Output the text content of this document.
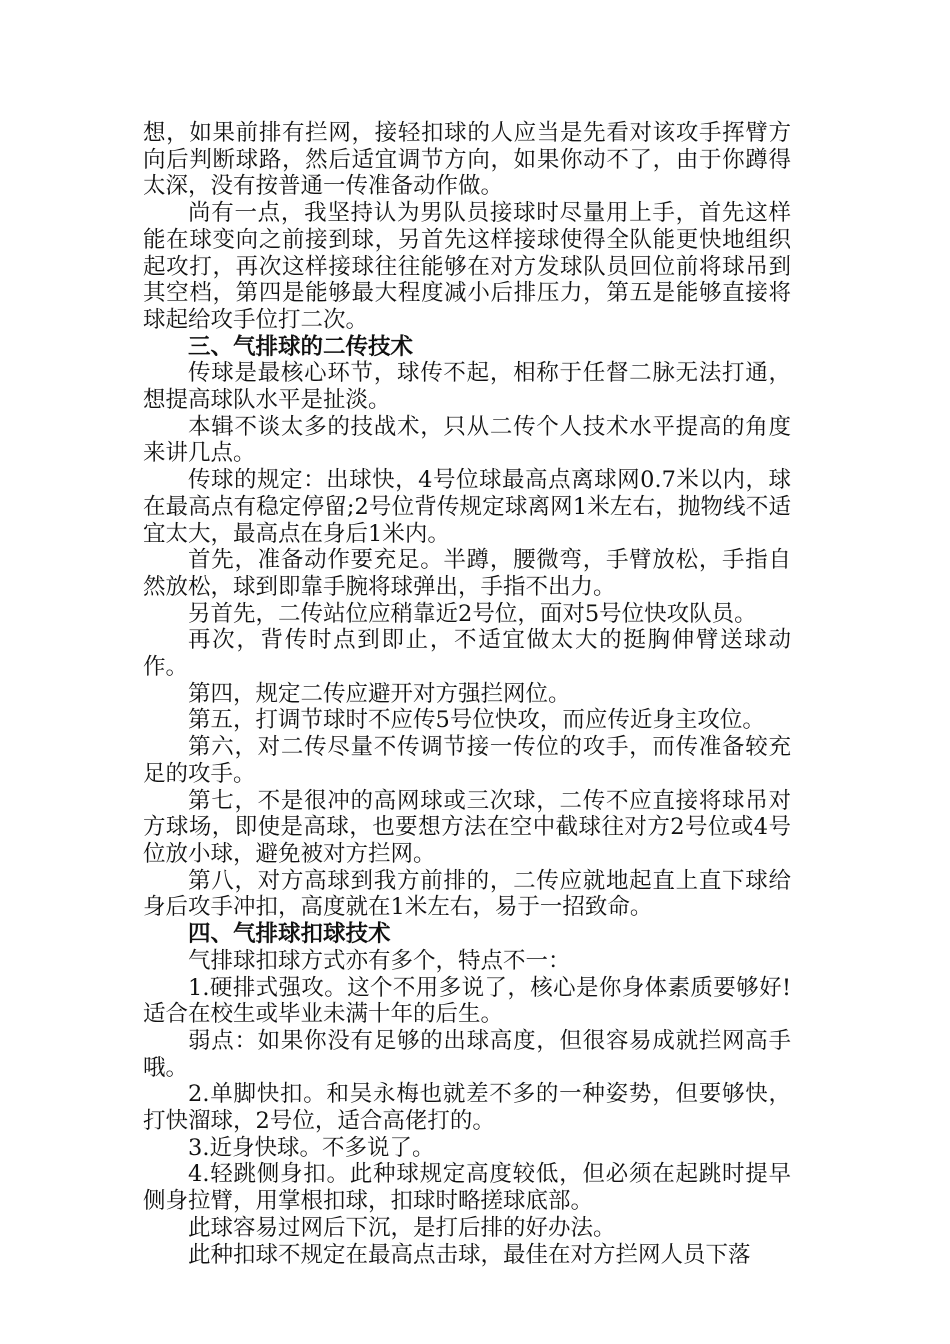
想，如果前排有拦网，接轻扣球的人应当是先看对该攻手挥臂方向后判断球路，然后适宜调节方向，如果你动不了，由于你蹲得太深，没有按普通一传准备动作做。

尚有一点，我坚持认为男队员接球时尽量用上手，首先这样能在球变向之前接到球，另首先这样接球使得全队能更快地组织起攻打，再次这样接球往往能够在对方发球队员回位前将球吊到其空档，第四是能够最大程度减小后排压力，第五是能够直接将球起给攻手位打二次。

三、气排球的二传技术

传球是最核心环节，球传不起，相称于任督二脉无法打通，想提高球队水平是扯淡。

本辑不谈太多的技战术，只从二传个人技术水平提高的角度来讲几点。

传球的规定：出球快，4号位球最高点离球网0.7米以内，球在最高点有稳定停留;2号位背传规定球离网1米左右，抛物线不适宜太大，最高点在身后1米内。

首先，准备动作要充足。半蹲，腰微弯，手臂放松，手指自然放松，球到即靠手腕将球弹出，手指不出力。

另首先，二传站位应稍靠近2号位，面对5号位快攻队员。

再次，背传时点到即止，不适宜做太大的挺胸伸臂送球动作。

第四，规定二传应避开对方强拦网位。

第五，打调节球时不应传5号位快攻，而应传近身主攻位。

第六，对二传尽量不传调节接一传位的攻手，而传准备较充足的攻手。

第七，不是很冲的高网球或三次球，二传不应直接将球吊对方球场，即使是高球，也要想方法在空中截球往对方2号位或4号位放小球，避免被对方拦网。

第八，对方高球到我方前排的，二传应就地起直上直下球给身后攻手冲扣，高度就在1米左右，易于一招致命。

四、气排球扣球技术

气排球扣球方式亦有多个，特点不一：

1.硬排式强攻。这个不用多说了，核心是你身体素质要够好!适合在校生或毕业未满十年的后生。

弱点：如果你没有足够的出球高度，但很容易成就拦网高手哦。

2.单脚快扣。和吴永梅也就差不多的一种姿势，但要够快，打快溜球，2号位，适合高佬打的。

3.近身快球。不多说了。

4.轻跳侧身扣。此种球规定高度较低，但必须在起跳时提早侧身拉臂，用掌根扣球，扣球时略搓球底部。

此球容易过网后下沉，是打后排的好办法。

此种扣球不规定在最高点击球，最佳在对方拦网人员下落
